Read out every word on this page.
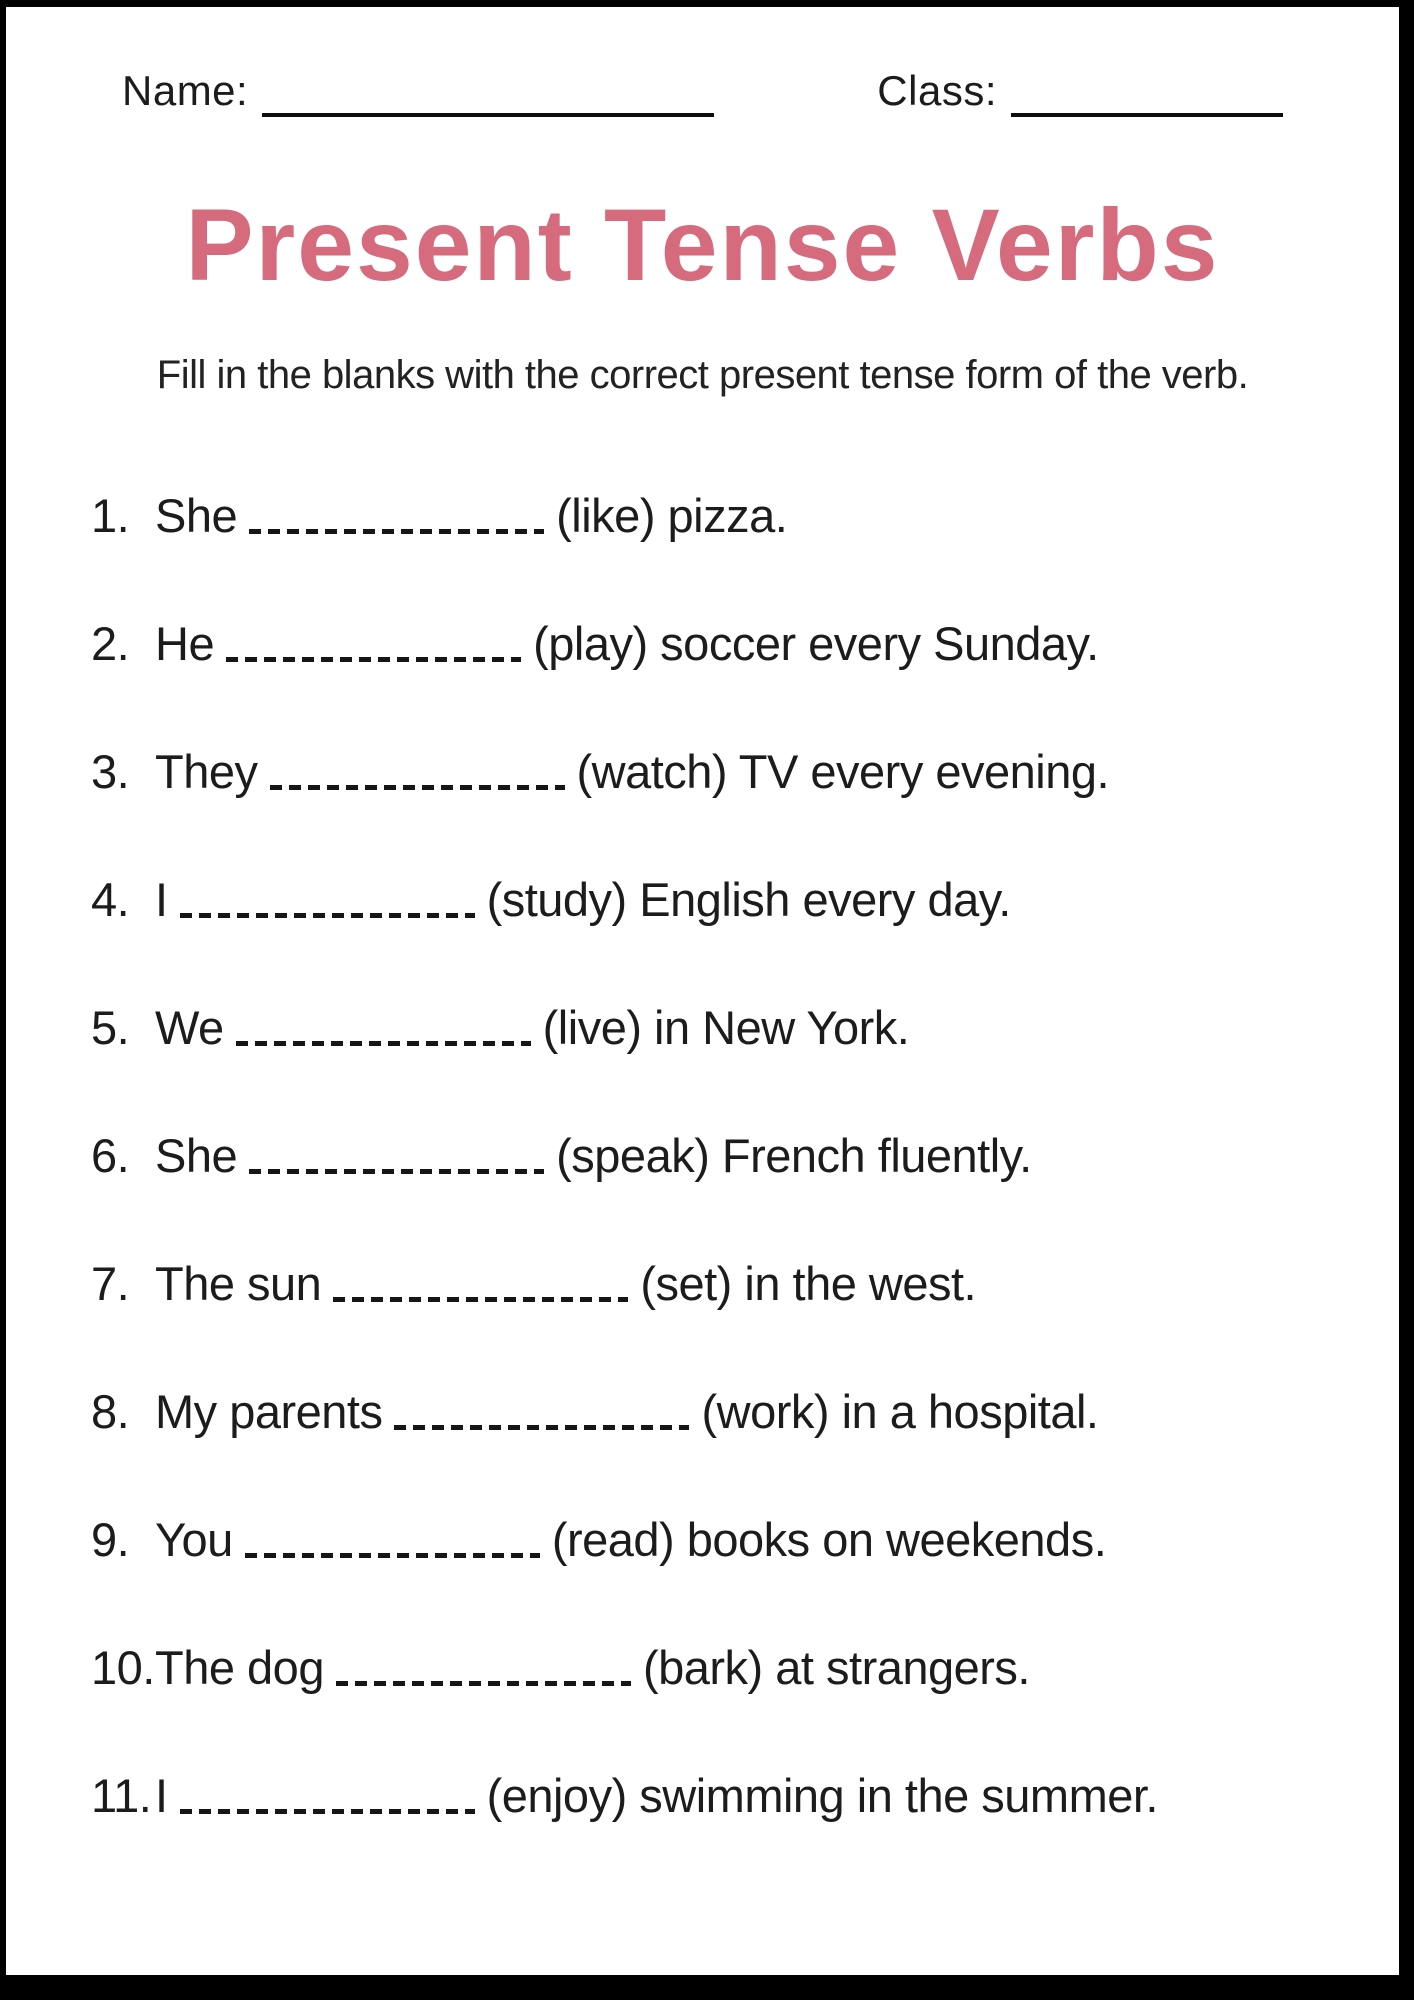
Name:	Class:
Present Tense Verbs
Fill in the blanks with the correct present tense form of the verb.
1. She	(like) pizza.
2. He	(play) soccer every Sunday.
3. They	(watch) TV every evening.
4. I	(study) English every day.
5. We	(live) in New York.
6. She	(speak) French fluently.
7. The sun	(set) in the west.
8. My parents	(work) in a hospital.
9. You	(read) books on weekends.
10. The dog	(bark) at strangers.
11. I	(enjoy) swimming in the summer.
